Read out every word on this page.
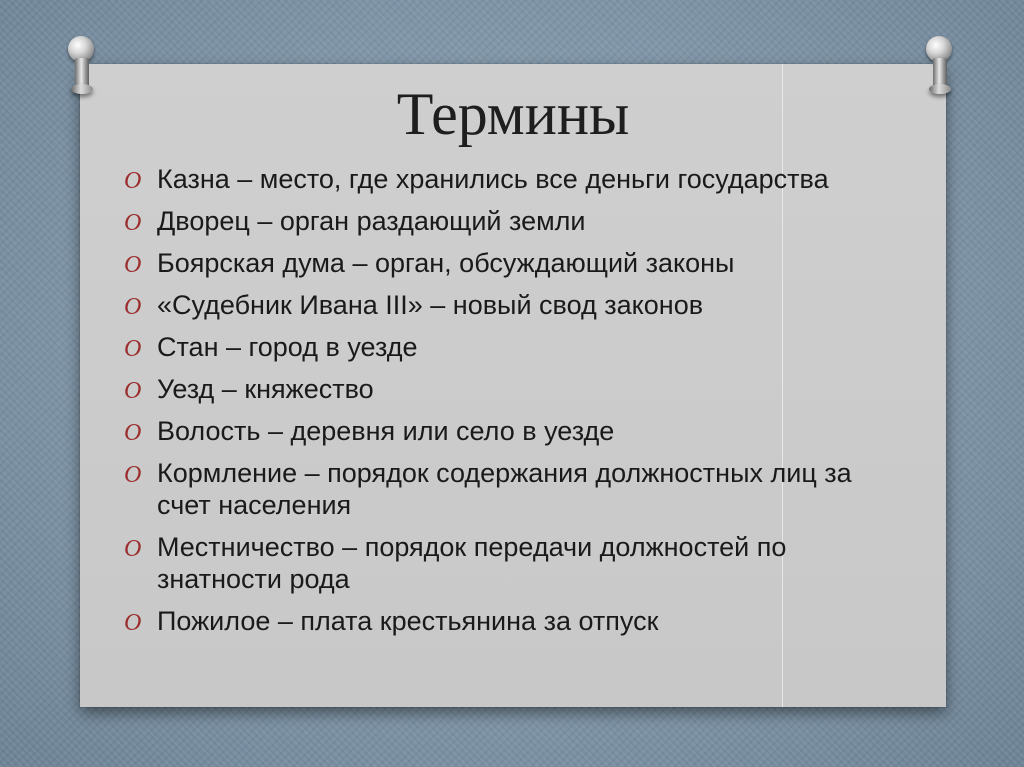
Термины
O Казна – место, где хранились все деньги государства
O Дворец – орган раздающий земли
O Боярская дума – орган, обсуждающий законы
O «Судебник Ивана III» – новый свод законов
O Стан – город в уезде
O Уезд – княжество
O Волость – деревня или село в уезде
O Кормление – порядок содержания должностных лиц за счет населения
O Местничество – порядок передачи должностей по знатности рода
O Пожилое – плата крестьянина за отпуск
